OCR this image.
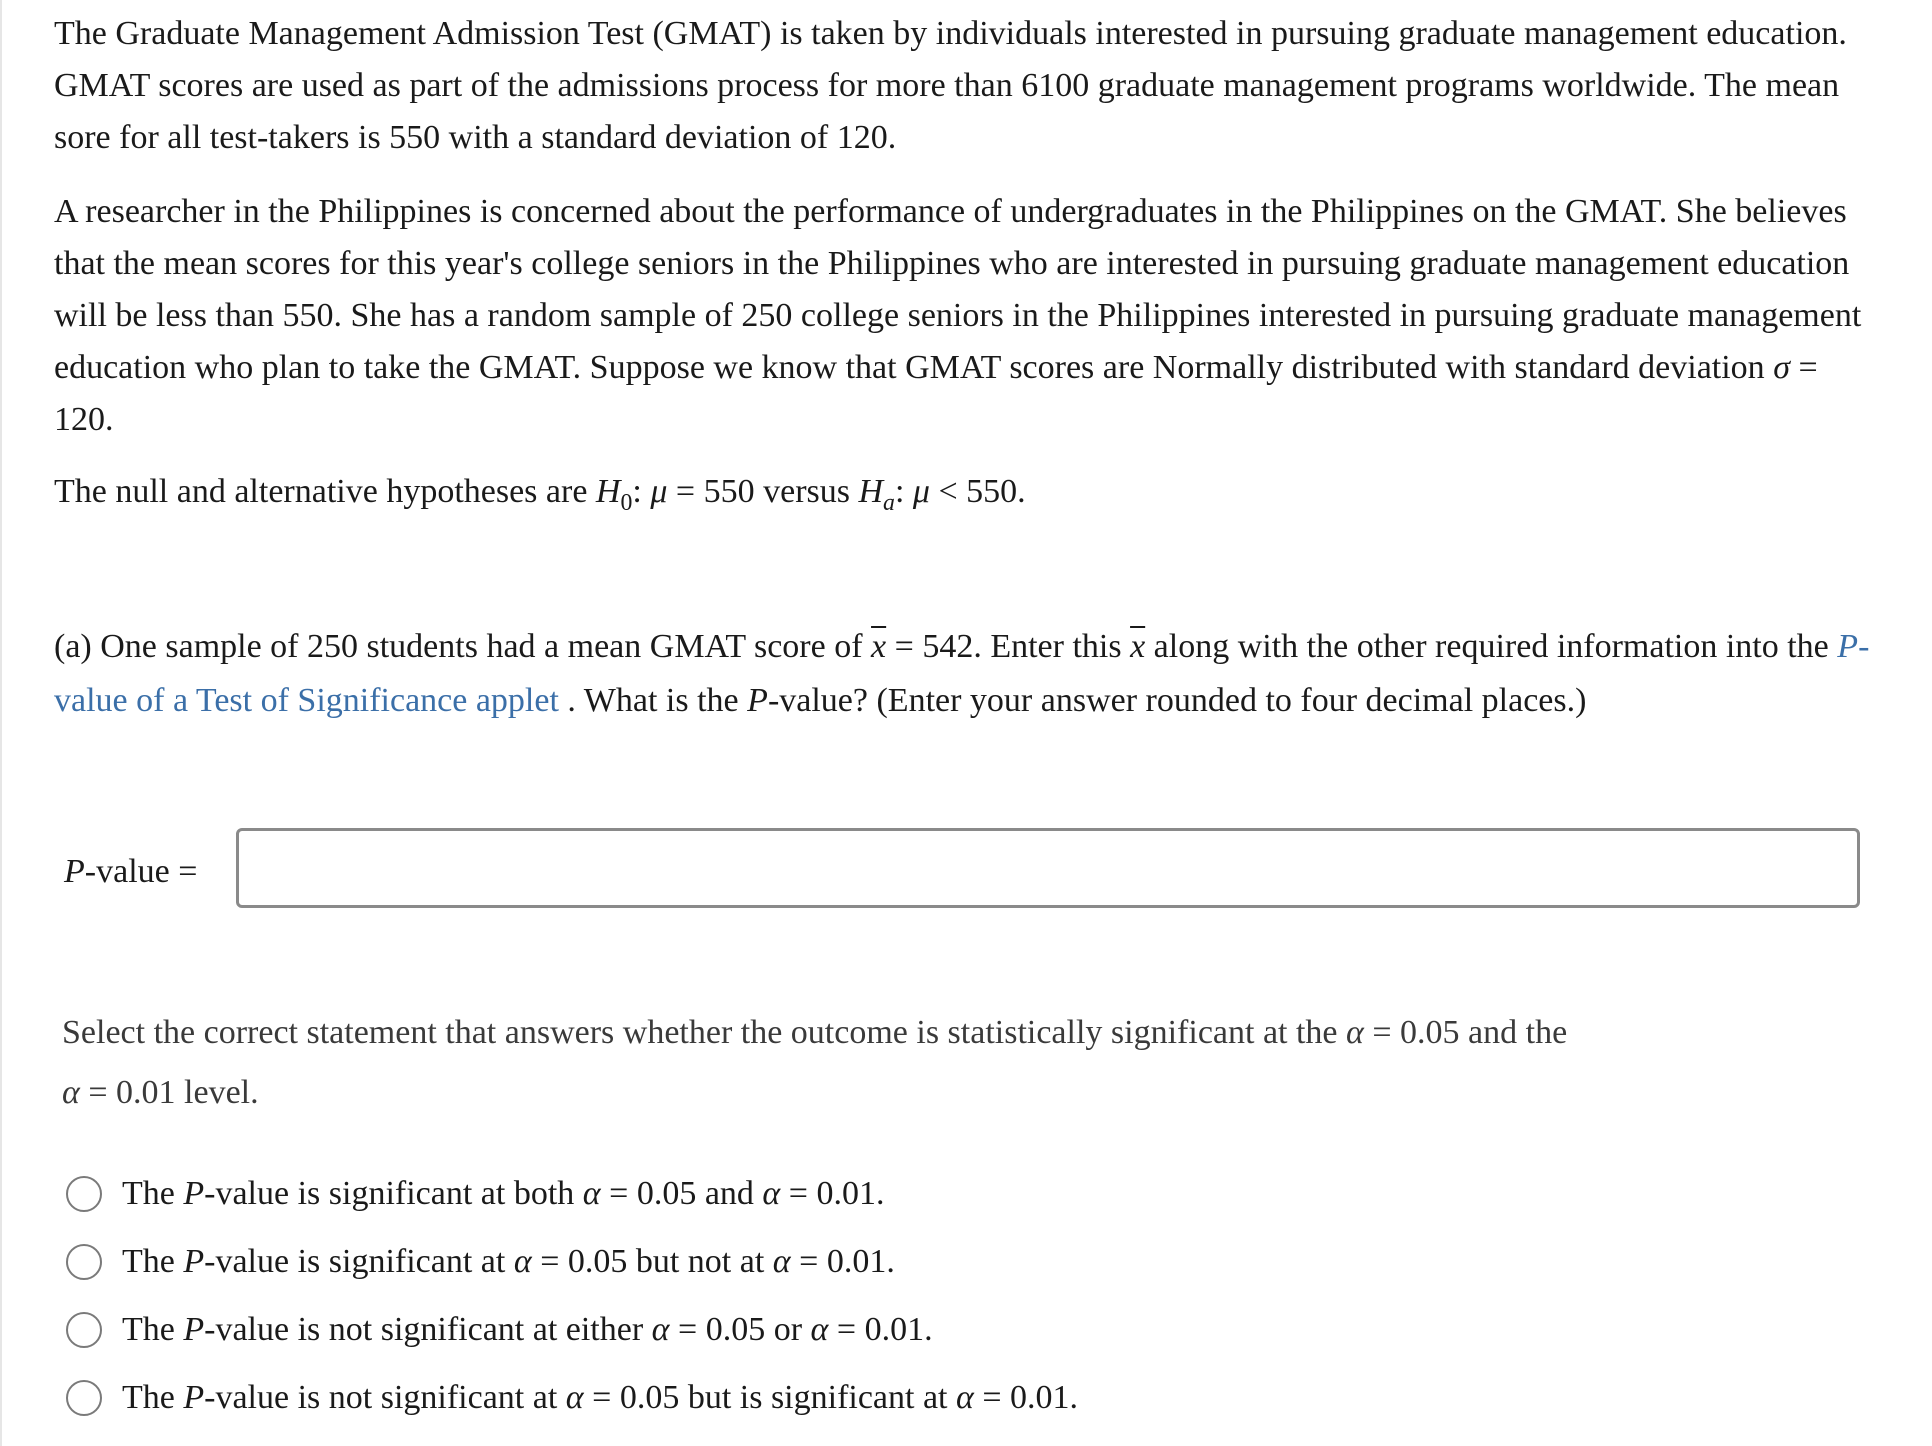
The Graduate Management Admission Test (GMAT) is taken by individuals interested in pursuing graduate management education. GMAT scores are used as part of the admissions process for more than 6100 graduate management programs worldwide. The mean sore for all test-takers is 550 with a standard deviation of 120.

A researcher in the Philippines is concerned about the performance of undergraduates in the Philippines on the GMAT. She believes that the mean scores for this year's college seniors in the Philippines who are interested in pursuing graduate management education will be less than 550. She has a random sample of 250 college seniors in the Philippines interested in pursuing graduate management education who plan to take the GMAT. Suppose we know that GMAT scores are Normally distributed with standard deviation σ = 120.

The null and alternative hypotheses are $H_0$: μ = 550 versus $H_a$: μ < 550.

(a) One sample of 250 students had a mean GMAT score of $\overline{x} = 542$. Enter this $\overline{x}$ along with the other required information into the P-value of a Test of Significance applet . What is the P-value? (Enter your answer rounded to four decimal places.)

P-value =

Select the correct statement that answers whether the outcome is statistically significant at the α = 0.05 and the
α = 0.01 level.

The P-value is significant at both α = 0.05 and α = 0.01.
The P-value is significant at α = 0.05 but not at α = 0.01.
The P-value is not significant at either α = 0.05 or α = 0.01.
The P-value is not significant at α = 0.05 but is significant at α = 0.01.
